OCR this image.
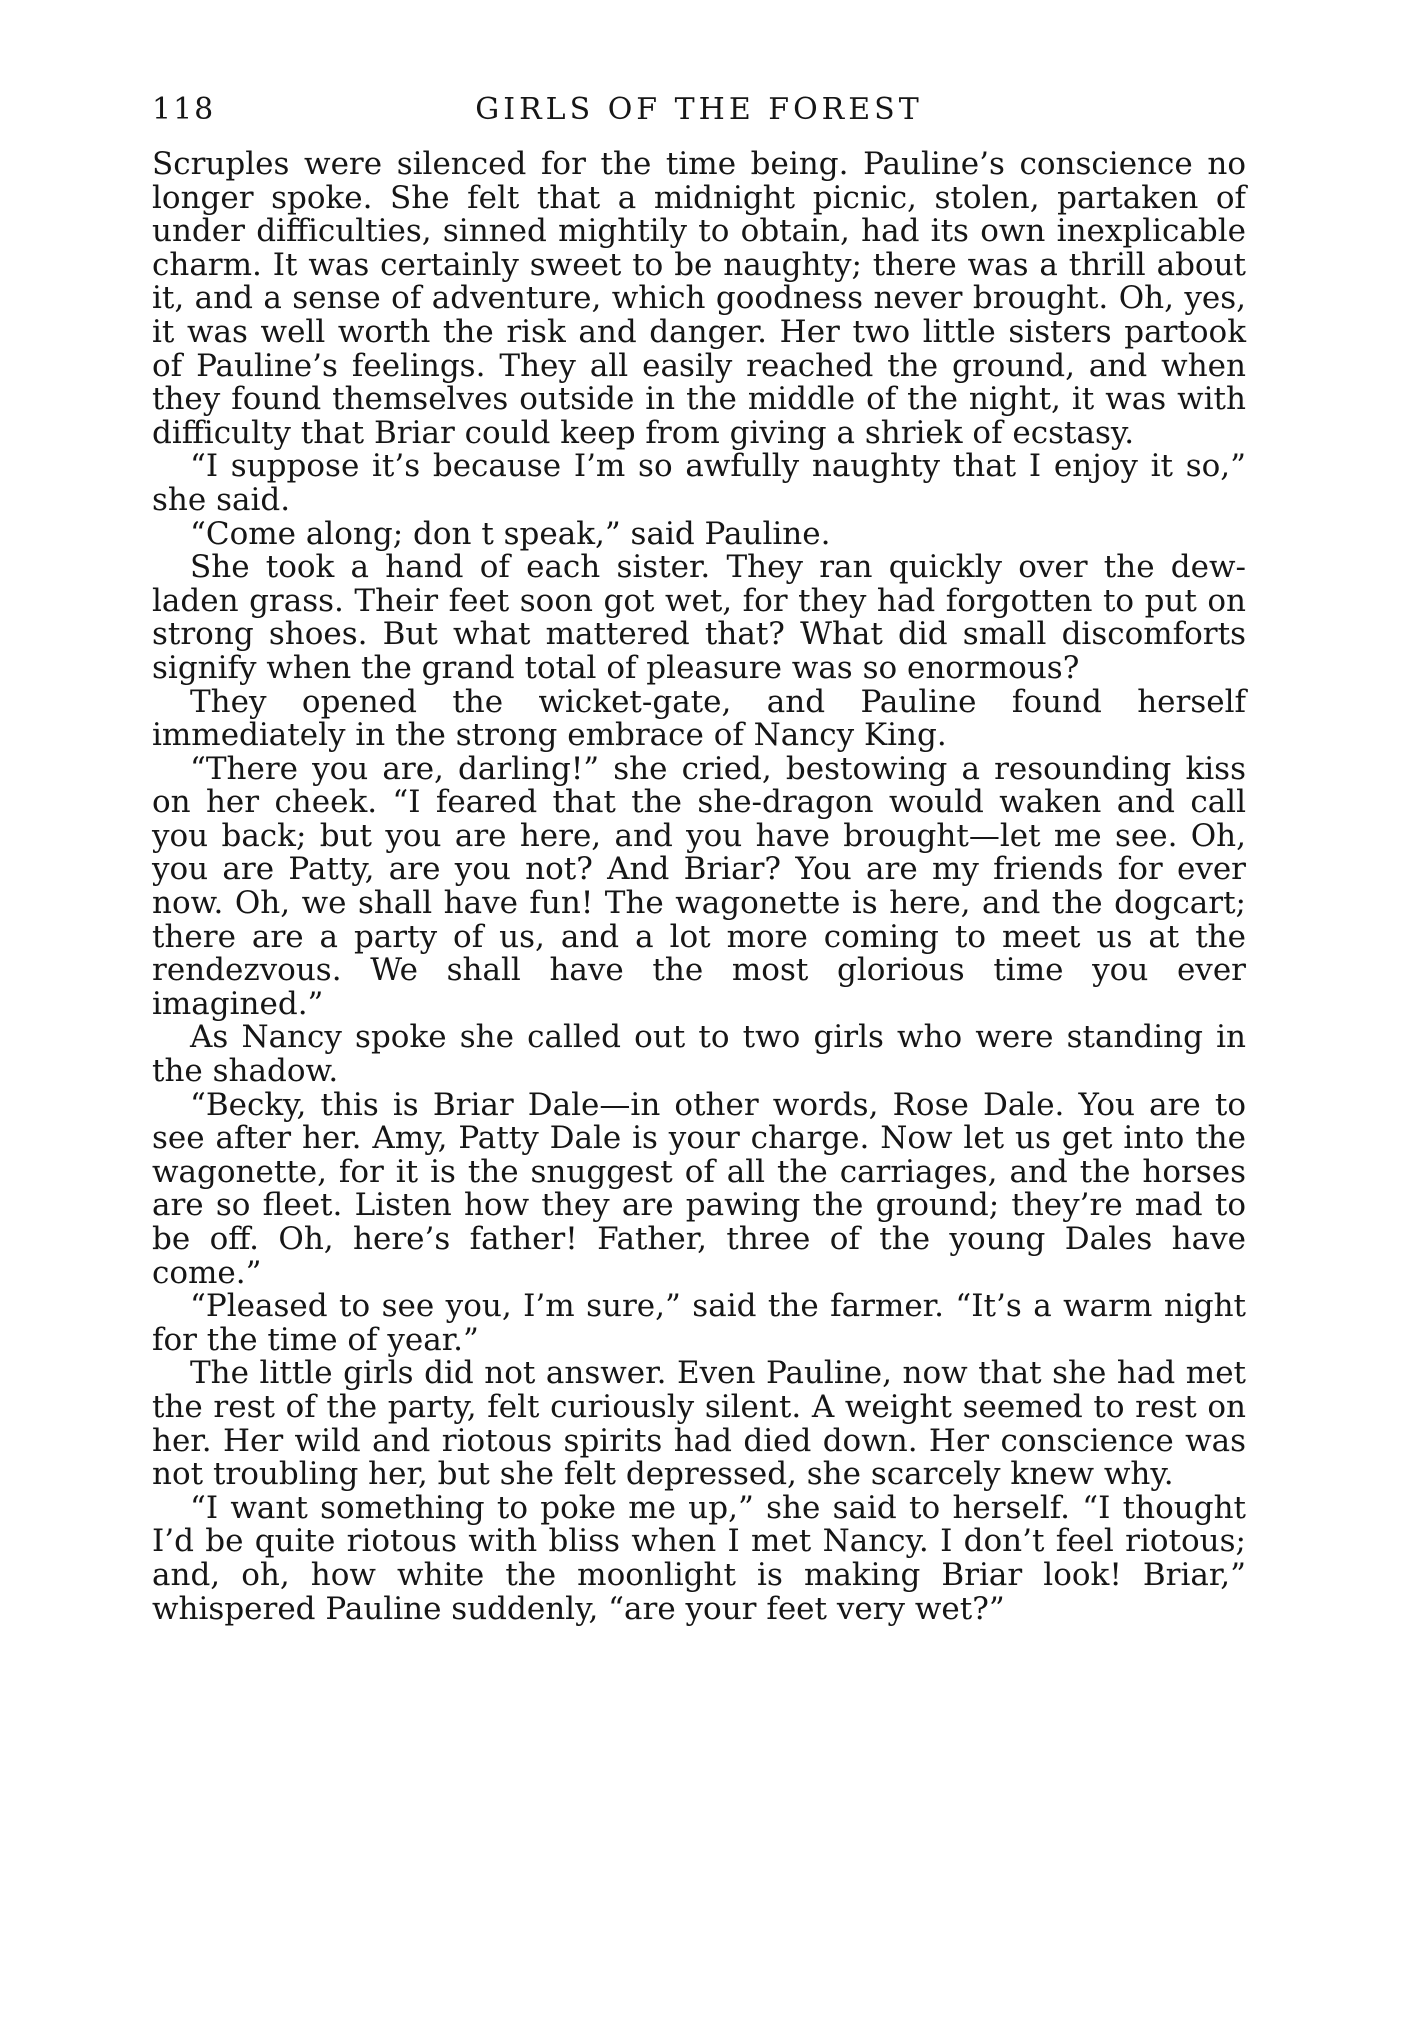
118	GIRLS OF THE FOREST

Scruples were silenced for the time being. Pauline’s conscience no longer spoke. She felt that a midnight picnic, stolen, partaken of under difficulties, sinned mightily to obtain, had its own inexplicable charm. It was certainly sweet to be naughty; there was a thrill about it, and a sense of adventure, which goodness never brought. Oh, yes, it was well worth the risk and danger. Her two little sisters partook of Pauline’s feelings. They all easily reached the ground, and when they found themselves outside in the middle of the night, it was with difficulty that Briar could keep from giving a shriek of ecstasy.

“I suppose it’s because I’m so awfully naughty that I enjoy it so,” she said.

“Come along; don t speak,” said Pauline.

She took a hand of each sister. They ran quickly over the dew-laden grass. Their feet soon got wet, for they had forgotten to put on strong shoes. But what mattered that? What did small discomforts signify when the grand total of pleasure was so enormous?

They opened the wicket-gate, and Pauline found herself immediately in the strong embrace of Nancy King.

“There you are, darling!” she cried, bestowing a resounding kiss on her cheek. “I feared that the she-dragon would waken and call you back; but you are here, and you have brought—let me see. Oh, you are Patty, are you not? And Briar? You are my friends for ever now. Oh, we shall have fun! The wagonette is here, and the dogcart; there are a party of us, and a lot more coming to meet us at the rendezvous. We shall have the most glorious time you ever imagined.”

As Nancy spoke she called out to two girls who were standing in the shadow.

“Becky, this is Briar Dale—in other words, Rose Dale. You are to see after her. Amy, Patty Dale is your charge. Now let us get into the wagonette, for it is the snuggest of all the carriages, and the horses are so fleet. Listen how they are pawing the ground; they’re mad to be off. Oh, here’s father! Father, three of the young Dales have come.”

“Pleased to see you, I’m sure,” said the farmer. “It’s a warm night for the time of year.”

The little girls did not answer. Even Pauline, now that she had met the rest of the party, felt curiously silent. A weight seemed to rest on her. Her wild and riotous spirits had died down. Her conscience was not troubling her, but she felt depressed, she scarcely knew why.

“I want something to poke me up,” she said to herself. “I thought I’d be quite riotous with bliss when I met Nancy. I don’t feel riotous; and, oh, how white the moonlight is making Briar look! Briar,” whispered Pauline suddenly, “are your feet very wet?”
